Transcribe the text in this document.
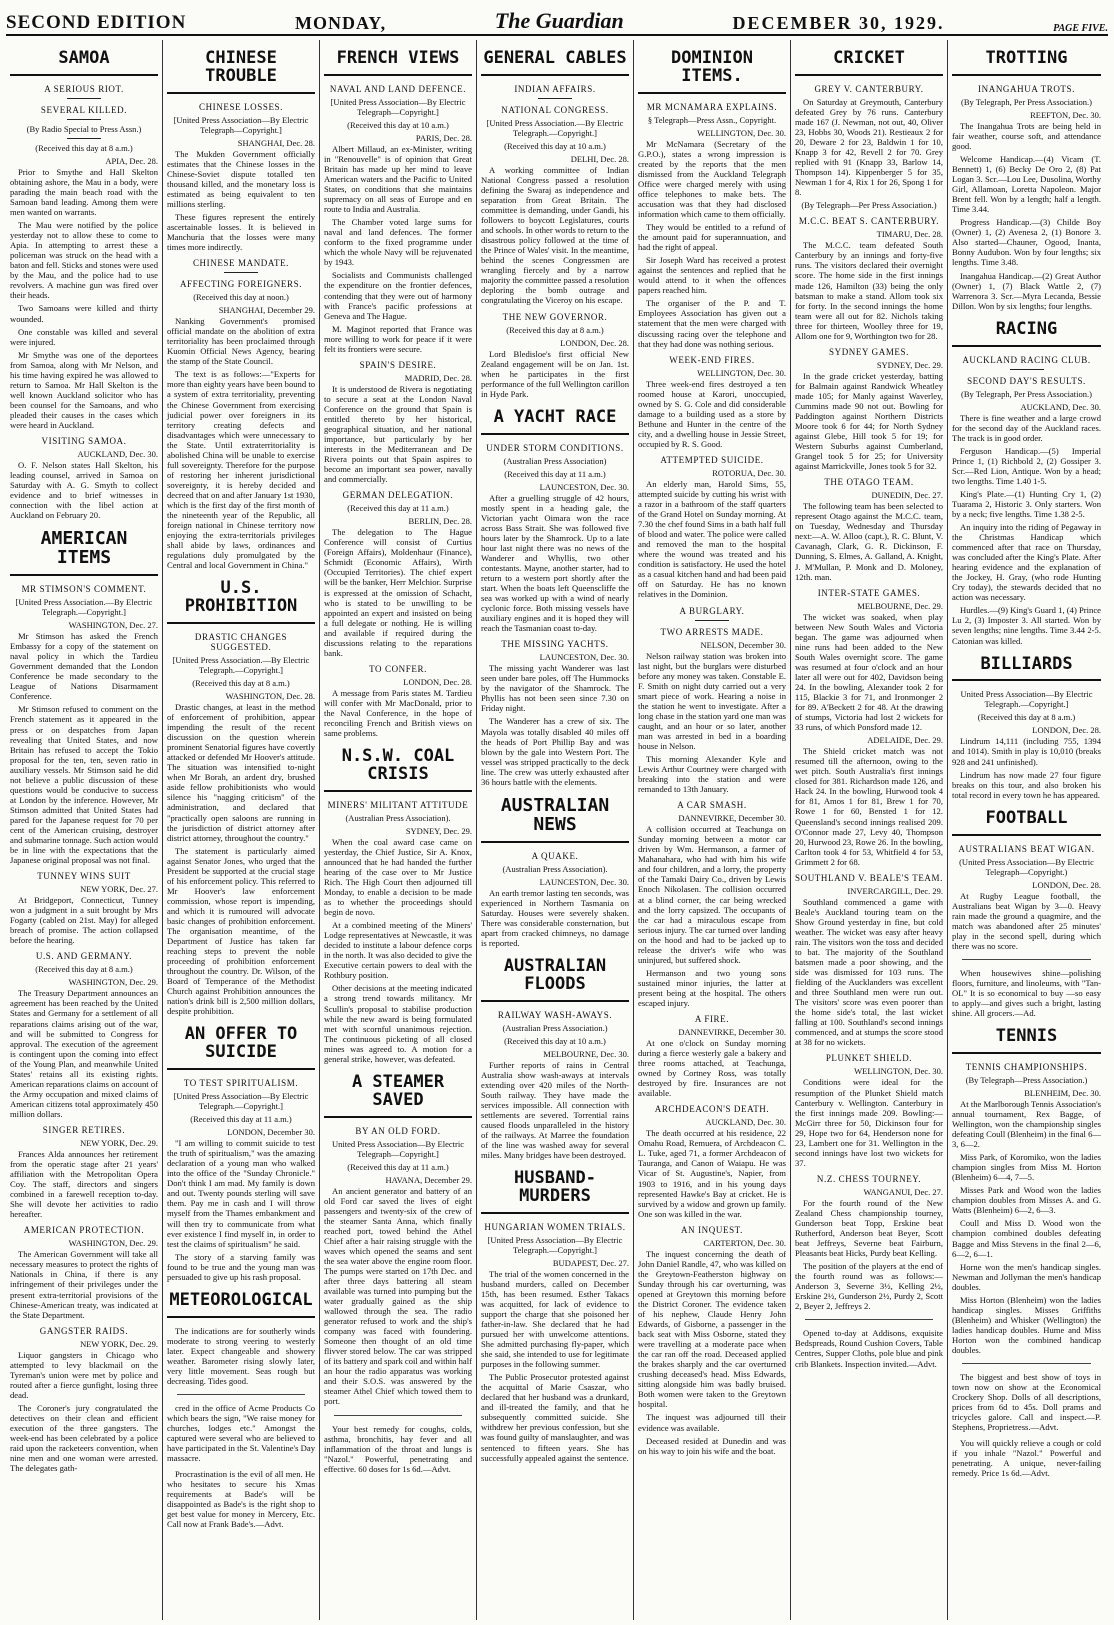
SECOND EDITION	MONDAY,	The Guardian	DECEMBER 30, 1929.	PAGE FIVE.
SAMOA
A SERIOUS RIOT.
SEVERAL KILLED.
(By Radio Special to Press Assn.)
(Received this day at 8 a.m.)
APIA, Dec. 28.
Prior to Smythe and Hall Skelton obtaining ashore, the Mau in a body, were parading the main beach road with the Samoan band leading. Among them were men wanted on warrants.
The Mau were notified by the police yesterday not to allow these to come to Apia. In attempting to arrest these a policeman was struck on the head with a baton and fell. Sticks and stones were used by the Mau, and the police had to use revolvers. A machine gun was fired over their heads.
Two Samoans were killed and thirty wounded.
One constable was killed and several were injured.
Mr Smythe was one of the deportees from Samoa, along with Mr Nelson, and his time having expired he was allowed to return to Samoa. Mr Hall Skelton is the well known Auckland solicitor who has been counsel for the Samoans, and who pleaded their causes in the cases which were heard in Auckland.
VISITING SAMOA.
AUCKLAND, Dec. 30.
O. F. Nelson states Hall Skelton, his leading counsel, arrived in Samoa on Saturday with A. G. Smyth to collect evidence and to brief witnesses in connection with the libel action at Auckland on February 20.
AMERICAN ITEMS
MR STIMSON'S COMMENT.
[United Press Association.—By Electric Telegraph.—Copyright.]
WASHINGTON, Dec. 27.
Mr Stimson has asked the French Embassy for a copy of the statement on naval policy in which the Tardieu Government demanded that the London Conference be made secondary to the League of Nations Disarmament Conference.
Mr Stimson refused to comment on the French statement as it appeared in the press or on despatches from Japan revealing that United States, and now Britain has refused to accept the Tokio proposal for the ten, ten, seven ratio in auxiliary vessels. Mr Stimson said he did not believe a public discussion of these questions would be conducive to success at London by the inference. However, Mr Stimson admitted that United States had pared for the Japanese request for 70 per cent of the American cruising, destroyer and submarine tonnage. Such action would be in line with the expectations that the Japanese original proposal was not final.
TUNNEY WINS SUIT
NEW YORK, Dec. 27.
At Bridgeport, Connecticut, Tunney won a judgment in a suit brought by Mrs Fogarty (cabled on 21st. May) for alleged breach of promise. The action collapsed before the hearing.
U.S. AND GERMANY.
(Received this day at 8 a.m.)
WASHINGTON, Dec. 29.
The Treasury Department announces an agreement has been reached by the United States and Germany for a settlement of all reparations claims arising out of the war, and will be submitted to Congress for approval. The execution of the agreement is contingent upon the coming into effect of the Young Plan, and meanwhile United States' retains all its existing rights. American reparations claims on account of the Army occupation and mixed claims of American citizens total approximately 450 million dollars.
SINGER RETIRES.
NEW YORK, Dec. 29.
Frances Alda announces her retirement from the operatic stage after 21 years' affiliation with the Metropolitan Opera Coy. The staff, directors and singers combined in a farewell reception to-day. She will devote her activities to radio hereafter.
AMERICAN PROTECTION.
WASHINGTON, Dec. 29.
The American Government will take all necessary measures to protect the rights of Nationals in China, if there is any infringement of their privileges under the present extra-territorial provisions of the Chinese-American treaty, was indicated at the State Department.
GANGSTER RAIDS.
NEW YORK, Dec. 29.
Liquor gangsters in Chicago who attempted to levy blackmail on the Tyreman's union were met by police and routed after a fierce gunfight, losing three dead.
The Coroner's jury congratulated the detectives on their clean and efficient execution of the three gangsters. The week-end has been celebrated by a police raid upon the racketeers convention, when nine men and one woman were arrested. The delegates gath-
CHINESE TROUBLE
CHINESE LOSSES.
[United Press Association—By Electric Telegraph—Copyright.]
SHANGHAI, Dec. 28.
The Mukden Government officially estimates that the Chinese losses in the Chinese-Soviet dispute totalled ten thousand killed, and the monetary loss is estimated as being equivalent to ten millions sterling.
These figures represent the entirely ascertainable losses. It is believed in Manchuria that the losses were many times more indirectly.
CHINESE MANDATE.
AFFECTING FOREIGNERS.
(Received this day at noon.)
SHANGHAI, December 29.
Nanking Government's promised official mandate on the abolition of extra territoriality has been proclaimed through Kuomin Official News Agency, bearing the stamp of the State Council.
The text is as follows:—"Experts for more than eighty years have been bound to a system of extra territoriality, preventing the Chinese Government from exercising judicial power over foreigners in its territory creating defects and disadvantages which were unnecessary to the State. Until extraterritoriality is abolished China will be unable to exercise full sovereignty. Therefore for the purpose of restoring her inherent jurisdictional sovereignty, it is hereby decided and decreed that on and after January 1st 1930, which is the first day of the first month of the nineteenth year of the Republic, all foreign national in Chinese territory now enjoying the extra-territorials privileges shall abide by laws, ordinances and regulations duly promulgated by the Central and local Government in China."
U.S. PROHIBITION
DRASTIC CHANGES SUGGESTED.
[United Press Association.—By Electric Telegraph.—Copyright.]
(Received this day at 8 a.m.)
WASHINGTON, Dec. 28.
Drastic changes, at least in the method of enforcement of prohibition, appear impending the result of the recent discussion on the question wherein prominent Senatorial figures have covertly attacked or defended Mr Hoover's attitude. The situation was intensified to-night when Mr Borah, an ardent dry, brushed aside fellow prohibitionists who would silence his "nagging criticism" of the administration, and declared that "practically open saloons are running in the jurisdiction of district attorney after district attorney, throughout the country."
The statement is particularly aimed against Senator Jones, who urged that the President be supported at the crucial stage of his enforcement policy. This referred to Mr Hoover's law enforcement commission, whose report is impending, and which it is rumoured will advocate basic changes of prohibition enforcement. The organisation meantime, of the Department of Justice has taken far reaching steps to prevent the noble proceeding of prohibition enforcement throughout the country. Dr. Wilson, of the Board of Temperance of the Methodist Church against Prohibition announces the nation's drink bill is 2,500 million dollars, despite prohibition.
AN OFFER TO SUICIDE
TO TEST SPIRITUALISM.
[United Press Association—By Electric Telegraph.—Copyright.]
(Received this day at 11 a.m.)
LONDON, December 30.
"I am willing to commit suicide to test the truth of spiritualism," was the amazing declaration of a young man who walked into the office of the "Sunday Chronicle." Don't think I am mad. My family is down and out. Twenty pounds sterling will save them. Pay me in cash and I will throw myself from the Thames embankment and will then try to communicate from what ever existence I find myself in, in order to test the claims of spiritualism" he said.
The story of a starving family was found to be true and the young man was persuaded to give up his rash proposal.
METEOROLOGICAL
The indications are for southerly winds moderate to strong veering to westerly later. Expect changeable and showery weather. Barometer rising slowly later, very little movement. Seas rough but decreasing. Tides good.
cred in the office of Acme Products Co which bears the sign, "We raise money for churches, lodges etc." Amongst the captured were several who are believed to have participated in the St. Valentine's Day massacre.
Procrastination is the evil of all men. He who hesitates to secure his Xmas requirements at Bade's will be disappointed as Bade's is the right shop to get best value for money in Mercery, Etc. Call now at Frank Bade's.—Advt.
FRENCH VIEWS
NAVAL AND LAND DEFENCE.
[United Press Association—By Electric Telegraph—Copyright.]
(Received this day at 10 a.m.)
PARIS, Dec. 28.
Albert Millaud, an ex-Minister, writing in "Renouvelle" is of opinion that Great Britain has made up her mind to leave American waters and the Pacific to United States, on conditions that she maintains supremacy on all seas of Europe and en route to India and Australia.
The Chamber voted large sums for naval and land defences. The former conform to the fixed programme under which the whole Navy will be rejuvenated by 1943.
Socialists and Communists challenged the expenditure on the frontier defences, contending that they were out of harmony with France's pacific professions at Geneva and The Hague.
M. Maginot reported that France was more willing to work for peace if it were felt its frontiers were secure.
SPAIN'S DESIRE.
MADRID, Dec. 28.
It is understood de Rivera is negotiating to secure a seat at the London Naval Conference on the ground that Spain is entitled thereto by her historical, geographical situation, and her national importance, but particularly by her interests in the Mediterranean and De Rivera points out that Spain aspires to become an important sea power, navally and commercially.
GERMAN DELEGATION.
(Received this day at 11 a.m.)
BERLIN, Dec. 28.
The delegation to The Hague Conference will consist of Curtius (Foreign Affairs), Moldenhaur (Finance), Schmidt (Economic Affairs), Wirth (Occupied Territories). The chief expert will be the banker, Herr Melchior. Surprise is expressed at the omission of Schacht, who is stated to be unwilling to be appointed an expert and insisted on being a full delegate or nothing. He is willing and available if required during the discussions relating to the reparations bank.
TO CONFER.
LONDON, Dec. 28.
A message from Paris states M. Tardieu will confer with Mr MacDonald, prior to the Naval Conference, in the hope of reconciling French and British views on same problems.
N.S.W. COAL CRISIS
MINERS' MILITANT ATTITUDE
(Australian Press Association).
SYDNEY, Dec. 29.
When the coal award case came on yesterday, the Chief Justice, Sir A. Knox, announced that he had handed the further hearing of the case over to Mr Justice Rich. The High Court then adjourned till Monday, to enable a decision to be made as to whether the proceedings should begin de novo.
At a combined meeting of the Miners' Lodge representatives at Newcastle, it was decided to institute a labour defence corps in the north. It was also decided to give the Executive certain powers to deal with the Rothbury position.
Other decisions at the meeting indicated a strong trend towards militancy. Mr Scullin's proposal to stabilise production while the new award is being formulated met with scornful unanimous rejection. The continuous picketing of all closed mines was agreed to. A motion for a general strike, however, was defeated.
A STEAMER SAVED
BY AN OLD FORD.
United Press Association—By Electric Telegraph—Copyright.]
(Received this day at 11 a.m.)
HAVANA, December 29.
An ancient generator and battery of an old Ford car saved the lives of eight passengers and twenty-six of the crew of the steamer Santa Anna, which finally reached port, towed behind the Athel Chief after a hair raising struggle with the waves which opened the seams and sent the sea water above the engine room floor. The pumps were started on 17th Dec. and after three days battering all steam available was turned into pumping but the water gradually gained as the ship wallowed through the sea. The radio generator refused to work and the ship's company was faced with foundering. Someone then thought of an old time flivver stored below. The car was stripped of its battery and spark coil and within half an hour the radio apparatus was working and their S.O.S. was answered by the steamer Athel Chief which towed them to port.
Your best remedy for coughs, colds, asthma, bronchitis, hay fever and all inflammation of the throat and lungs is "Nazol." Powerful, penetrating and effective. 60 doses for 1s 6d.—Advt.
GENERAL CABLES
INDIAN AFFAIRS.
NATIONAL CONGRESS.
[United Press Association.—By Electric Telegraph.—Copyright.]
(Received this day at 10 a.m.)
DELHI, Dec. 28.
A working committee of Indian National Congress passed a resolution defining the Swaraj as independence and separation from Great Britain. The committee is demanding, under Gandi, his followers to boycott Legislatures, courts and schools. In other words to return to the disastrous policy followed at the time of the Prince of Wales' visit. In the meantime, behind the scenes Congressmen are wrangling fiercely and by a narrow majority the committee passed a resolution deploring the bomb outrage and congratulating the Viceroy on his escape.
THE NEW GOVERNOR.
(Received this day at 8 a.m.)
LONDON, Dec. 28.
Lord Bledisloe's first official New Zealand engagement will be on Jan. 1st. when he participates in the first performance of the full Wellington carillon in Hyde Park.
A YACHT RACE
UNDER STORM CONDITIONS.
(Australian Press Association)
(Received this day at 11 a.m.)
LAUNCESTON, Dec. 30.
After a gruelling struggle of 42 hours, mostly spent in a heading gale, the Victorian yacht Oimara won the race across Bass Strait. She was followed five hours later by the Shamrock. Up to a late hour last night there was no news of the Wanderer and Whyllis, two other contestants. Mayne, another starter, had to return to a western port shortly after the start. When the boats left Queenscliffe the sea was worked up with a wind of nearly cyclonic force. Both missing vessels have auxiliary engines and it is hoped they will reach the Tasmanian coast to-day.
THE MISSING YACHTS.
LAUNCESTON, Dec. 30.
The missing yacht Wanderer was last seen under bare poles, off The Hummocks by the navigator of the Shamrock. The Phyllis has not been seen since 7.30 on Friday night.
The Wanderer has a crew of six. The Mayola was totally disabled 40 miles off the heads of Port Phillip Bay and was blown by the gale into Western Port. The vessel was stripped practically to the deck line. The crew was utterly exhausted after 36 hours battle with the elements.
AUSTRALIAN NEWS
A QUAKE.
(Australian Press Association).
LAUNCESTON, Dec. 30.
An earth tremor lasting ten seconds, was experienced in Northern Tasmania on Saturday. Houses were severely shaken. There was considerable consternation, but apart from cracked chimneys, no damage is reported.
AUSTRALIAN FLOODS
RAILWAY WASH-AWAYS.
(Australian Press Association.)
(Received this day at 10 a.m.)
MELBOURNE, Dec. 30.
Further reports of rains in Central Australia show wash-aways at intervals extending over 420 miles of the North-South railway. They have made the services impossible. All connection with settlements are severed. Torrential rains caused floods unparalleled in the history of the railways. At Marree the foundation of the line was washed away for several miles. Many bridges have been destroyed.
HUSBAND-MURDERS
HUNGARIAN WOMEN TRIALS.
[United Press Association—By Electric Telegraph.—Copyright.]
BUDAPEST, Dec. 27.
The trial of the women concerned in the husband murders, called on December 15th, has been resumed. Esther Takacs was acquitted, for lack of evidence to support the charge that she poisoned her father-in-law. She declared that he had pursued her with unwelcome attentions. She admitted purchasing fly-paper, which she said, she intended to use for legitimate purposes in the following summer.
The Public Prosecutor protested against the acquittal of Marie Csaszar, who declared that her husband was a drunkard, and ill-treated the family, and that he subsequently committed suicide. She withdrew her previous confession, but she was found guilty of manslaughter, and was sentenced to fifteen years. She has successfully appealed against the sentence.
DOMINION ITEMS.
MR MCNAMARA EXPLAINS.
§ Telegraph—Press Assn., Copyright.
WELLINGTON, Dec. 30.
Mr McNamara (Secretary of the G.P.O.), states a wrong impression is created by the reports that the men dismissed from the Auckland Telegraph Office were charged merely with using office telephones to make bets. The accusation was that they had disclosed information which came to them officially.
They would be entitled to a refund of the amount paid for superannuation, and had the right of appeal.
Sir Joseph Ward has received a protest against the sentences and replied that he would attend to it when the offences papers reached him.
The organiser of the P. and T. Employees Association has given out a statement that the men were charged with discussing racing over the telephone and that they had done was nothing serious.
WEEK-END FIRES.
WELLINGTON, Dec. 30.
Three week-end fires destroyed a ten roomed house at Karori, unoccupied, owned by S. G. Cole and did considerable damage to a building used as a store by Bethune and Hunter in the centre of the city, and a dwelling house in Jessie Street, occupied by R. S. Good.
ATTEMPTED SUICIDE.
ROTORUA, Dec. 30.
An elderly man, Harold Sims, 55, attempted suicide by cutting his wrist with a razor in a bathroom of the staff quarters of the Grand Hotel on Sunday morning. At 7.30 the chef found Sims in a bath half full of blood and water. The police were called and removed the man to the hospital where the wound was treated and his condition is satisfactory. He used the hotel as a casual kitchen hand and had been paid off on Saturday. He has no known relatives in the Dominion.
A BURGLARY.
TWO ARRESTS MADE.
NELSON, December 30.
Nelson railway station was broken into last night, but the burglars were disturbed before any money was taken. Constable E. F. Smith on night duty carried out a very smart piece of work. Hearing a noise in the station he went to investigate. After a long chase in the station yard one man was caught, and an hour or so later, another man was arrested in bed in a boarding house in Nelson.
This morning Alexander Kyle and Lewis Arthur Courtney were charged with breaking into the station and were remanded to 13th January.
A CAR SMASH.
DANNEVIRKE, December 30.
A collision occurred at Teachunga on Sunday morning between a motor car driven by Wm. Hermanson, a farmer of Mahanahara, who had with him his wife and four children, and a lorry, the property of the Tamaki Dairy Co., driven by Lewis Enoch Nikolasen. The collision occurred at a blind corner, the car being wrecked and the lorry capsized. The occupants of the car had a miraculous escape from serious injury. The car turned over landing on the hood and had to be jacked up to release the driver's wife who was uninjured, but suffered shock.
Hermanson and two young sons sustained minor injuries, the latter at present being at the hospital. The others escaped injury.
A FIRE.
DANNEVIRKE, December 30.
At one o'clock on Sunday morning during a fierce westerly gale a bakery and three rooms attached, at Teachunga, owned by Cortney Ross, was totally destroyed by fire. Insurances are not available.
ARCHDEACON'S DEATH.
AUCKLAND, Dec. 30.
The death occurred at his residence, 22 Omahu Road, Remuera, of Archdeacon C. L. Tuke, aged 71, a former Archdeacon of Tauranga, and Canon of Waiapu. He was Vicar of St. Augustine's, Napier, from 1903 to 1916, and in his young days represented Hawke's Bay at cricket. He is survived by a widow and grown up family. One son was killed in the war.
AN INQUEST.
CARTERTON, Dec. 30.
The inquest concerning the death of John Daniel Randle, 47, who was killed on the Greytown-Featherston highway on Sunday through his car overturning, was opened at Greytown this morning before the District Coroner. The evidence taken of his nephew, Claude Henry John Edwards, of Gisborne, a passenger in the back seat with Miss Osborne, stated they were travelling at a moderate pace when the car ran off the road. Deceased applied the brakes sharply and the car overturned crushing deceased's head. Miss Edwards, sitting alongside him was badly bruised. Both women were taken to the Greytown hospital.
The inquest was adjourned till their evidence was available.
Deceased resided at Dunedin and was on his way to join his wife and the boat.
CRICKET
GREY V. CANTERBURY.
On Saturday at Greymouth, Canterbury defeated Grey by 76 runs. Canterbury made 167 (J. Newman, not out, 40, Oliver 23, Hobbs 30, Woods 21). Restieaux 2 for 20, Deware 2 for 23, Baldwin 1 for 10, Knapp 3 for 42, Revell 2 for 70. Grey replied with 91 (Knapp 33, Barlow 14, Thompson 14). Kippenberger 5 for 35, Newman 1 for 4, Rix 1 for 26, Spong 1 for 8.
(By Telegraph—Per Press Association.)
M.C.C. BEAT S. CANTERBURY.
TIMARU, Dec. 28.
The M.C.C. team defeated South Canterbury by an innings and forty-five runs. The visitors declared their overnight score. The home side in the first innings made 126, Hamilton (33) being the only batsman to make a stand. Allom took six for forty. In the second innings the home team were all out for 82. Nichols taking three for thirteen, Woolley three for 19, Allom one for 9, Worthington two for 28.
SYDNEY GAMES.
SYDNEY, Dec. 29.
In the grade cricket yesterday, batting for Balmain against Randwick Wheatley made 105; for Manly against Waverley, Cummins made 90 not out. Bowling for Paddington against Northern Districts Moore took 6 for 44; for North Sydney against Glebe, Hill took 5 for 19; for Western Suburbs against Cumberland, Grangel took 5 for 25; for University against Marrickville, Jones took 5 for 32.
THE OTAGO TEAM.
DUNEDIN, Dec. 27.
The following team has been selected to represent Otago against the M.C.C. team, on Tuesday, Wednesday and Thursday next:—A. W. Alloo (capt.), R. C. Blunt, V. Cavanagh, Clark, G. R. Dickinson, F. Dunning, S. Elmes, A. Galland, A. Knight, J. M'Mullan, P. Monk and D. Moloney, 12th. man.
INTER-STATE GAMES.
MELBOURNE, Dec. 29.
The wicket was soaked, when play between New South Wales and Victoria began. The game was adjourned when nine runs had been added to the New South Wales overnight score. The game was resumed at four o'clock and an hour later all were out for 402, Davidson being 24. In the bowling, Alexander took 2 for 115, Blackie 3 for 71, and Ironmonger 2 for 89. A'Beckett 2 for 48. At the drawing of stumps, Victoria had lost 2 wickets for 33 runs, of which Ponsford made 12.
ADELAIDE, Dec. 29.
The Shield cricket match was not resumed till the afternoon, owing to the wet pitch. South Australia's first innings closed for 381. Richardson made 126, and Hack 24. In the bowling, Hurwood took 4 for 81, Amos 1 for 81, Brew 1 for 70, Rowe 1 for 60, Bensted 1 for 12. Queensland's second innings realised 209. O'Connor made 27, Levy 40, Thompson 20, Hurwood 23, Rowe 26. In the bowling, Carlton took 4 for 53, Whitfield 4 for 53, Grimmett 2 for 68.
SOUTHLAND V. BEALE'S TEAM.
INVERCARGILL, Dec. 29.
Southland commenced a game with Beale's Auckland touring team on the Show Ground yesterday in fine, but cold weather. The wicket was easy after heavy rain. The visitors won the toss and decided to bat. The majority of the Southland batsmen made a poor showing, and the side was dismissed for 103 runs. The fielding of the Aucklanders was excellent and three Southland men were run out. The visitors' score was even poorer than the home side's total, the last wicket falling at 100. Southland's second innings commenced, and at stumps the score stood at 38 for no wickets.
PLUNKET SHIELD.
WELLINGTON, Dec. 30.
Conditions were ideal for the resumption of the Plunket Shield match Canterbury v. Wellington. Canterbury in the first innings made 209. Bowling:—McGirr three for 50, Dickinson four for 29, Hope two for 64, Henderson none for 23, Lambert one for 31. Wellington in the second innings have lost two wickets for 37.
N.Z. CHESS TOURNEY.
WANGANUI, Dec. 27.
For the fourth round of the New Zealand Chess championship tourney, Gunderson beat Topp, Erskine beat Rutherford, Anderson beat Beyer, Scott beat Jeffreys, Severne beat Fairburn, Pleasants beat Hicks, Purdy beat Kelling.
The position of the players at the end of the fourth round was as follows:—Anderson 3, Severne 3½, Kelling 2½, Erskine 2½, Gunderson 2½, Purdy 2, Scott 2, Beyer 2, Jeffreys 2.
Opened to-day at Addisons, exquisite Bedspreads, Round Cushion Covers, Table Centres, Supper Cloths, pole blue and pink crib Blankets. Inspection invited.—Advt.
TROTTING
INANGAHUA TROTS.
(By Telegraph, Per Press Association.)
REEFTON, Dec. 30.
The Inangahua Trots are being held in fair weather, course soft, and attendance good.
Welcome Handicap.—(4) Vicam (T. Bennett) 1, (6) Becky De Oro 2, (8) Pat Logan 3. Scr.—Lou Lee, Dusolina, Worthy Girl, Allamoan, Loretta Napoleon. Major Brent fell. Won by a length; half a length. Time 3.44.
Progress Handicap.—(3) Childe Boy (Owner) 1, (2) Avenesa 2, (1) Bonore 3. Also started—Chauner, Ogood, Inanta, Bonny Audubon. Won by four lengths; six lengths. Time 3.48.
Inangahua Handicap.—(2) Great Author (Owner) 1, (7) Black Wattle 2, (7) Warrenora 3. Scr.—Myra Lecanda, Bessie Dillon. Won by six lengths; four lengths.
RACING
AUCKLAND RACING CLUB.
SECOND DAY'S RESULTS.
(By Telegraph, Per Press Association.)
AUCKLAND, Dec. 30.
There is fine weather and a large crowd for the second day of the Auckland races. The track is in good order.
Ferguson Handicap.—(5) Imperial Prince 1, (1) Richbold 2, (2) Gossiper 3. Scr.—Red Lion, Antique. Won by a head; two lengths. Time 1.40 1-5.
King's Plate.—(1) Hunting Cry 1, (2) Tuarama 2, Historic 3. Only starters. Won by a neck; five lengths. Time 1.38 2-5.
An inquiry into the riding of Pegaway in the Christmas Handicap which commenced after that race on Thursday, was concluded after the King's Plate. After hearing evidence and the explanation of the Jockey, H. Gray, (who rode Hunting Cry today), the stewards decided that no action was necessary.
Hurdles.—(9) King's Guard 1, (4) Prince Lu 2, (3) Imposter 3. All started. Won by seven lengths; nine lengths. Time 3.44 2-5. Catonian was killed.
BILLIARDS
United Press Association—By Electric Telegraph.—Copyright.]
(Received this day at 8 a.m.)
LONDON, Dec. 28.
Lindrum 14,111 (including 755, 1394 and 1014). Smith in play is 10,010 (breaks 928 and 241 unfinished).
Lindrum has now made 27 four figure breaks on this tour, and also broken his total record in every town he has appeared.
FOOTBALL
AUSTRALIANS BEAT WIGAN.
(United Press Association—By Electric Telegraph—Copyright.)
LONDON, Dec. 28.
At Rugby League football, the Australians beat Wigan by 3—0. Heavy rain made the ground a quagmire, and the match was abandoned after 25 minutes' play in the second spell, during which there was no score.
When housewives shine—polishing floors, furniture, and linoleums, with "Tan-OL" It is so economical to buy —so easy to apply—and gives such a bright, lasting shine. All grocers.—Ad.
TENNIS
TENNIS CHAMPIONSHIPS.
(By Telegraph—Press Association.)
BLENHEIM, Dec. 30.
At the Marlborough Tennis Association's annual tournament, Rex Bagge, of Wellington, won the championship singles defeating Coull (Blenheim) in the final 6—3, 6—2.
Miss Park, of Koromiko, won the ladies champion singles from Miss M. Horton (Blenheim) 6—4, 7—5.
Misses Park and Wood won the ladies champion doubles from Misses A. and G. Watts (Blenheim) 6—2, 6—3.
Coull and Miss D. Wood won the champion combined doubles defeating Bagge and Miss Stevens in the final 2—6, 6—2, 6—1.
Horne won the men's handicap singles. Newman and Jollyman the men's handicap doubles.
Miss Horton (Blenheim) won the ladies handicap singles. Misses Griffiths (Blenheim) and Whisker (Wellington) the ladies handicap doubles. Hume and Miss Horton won the combined handicap doubles.
The biggest and best show of toys in town now on show at the Economical Crockery Shop. Dolls of all descriptions, prices from 6d to 45s. Doll prams and tricycles galore. Call and inspect.—P. Stephens, Proprietress.—Advt.
You will quickly relieve a cough or cold if you inhale "Nazol." Powerful and penetrating. A unique, never-failing remedy. Price 1s 6d.—Advt.
